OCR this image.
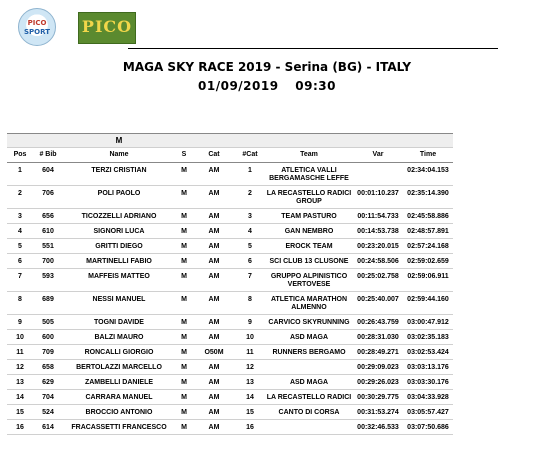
PICO
SPORT	PICO
MAGA SKY RACE 2019 - Serina (BG) - ITALY
01/09/2019 09:30
		M						
Pos	# Bib	Name	S	Cat	#Cat	Team	Var	Time
1	604	TERZI CRISTIAN	M	AM	1	ATLETICA VALLI BERGAMASCHE LEFFE		02:34:04.153
2	706	POLI PAOLO	M	AM	2	LA RECASTELLO RADICI GROUP	00:01:10.237	02:35:14.390
3	656	TICOZZELLI ADRIANO	M	AM	3	TEAM PASTURO	00:11:54.733	02:45:58.886
4	610	SIGNORI LUCA	M	AM	4	GAN NEMBRO	00:14:53.738	02:48:57.891
5	551	GRITTI DIEGO	M	AM	5	EROCK TEAM	00:23:20.015	02:57:24.168
6	700	MARTINELLI FABIO	M	AM	6	SCI CLUB 13 CLUSONE	00:24:58.506	02:59:02.659
7	593	MAFFEIS MATTEO	M	AM	7	GRUPPO ALPINISTICO VERTOVESE	00:25:02.758	02:59:06.911
8	689	NESSI MANUEL	M	AM	8	ATLETICA MARATHON ALMENNO	00:25:40.007	02:59:44.160
9	505	TOGNI DAVIDE	M	AM	9	CARVICO SKYRUNNING	00:26:43.759	03:00:47.912
10	600	BALZI MAURO	M	AM	10	ASD MAGA	00:28:31.030	03:02:35.183
11	709	RONCALLI GIORGIO	M	O50M	11	RUNNERS BERGAMO	00:28:49.271	03:02:53.424
12	658	BERTOLAZZI MARCELLO	M	AM	12		00:29:09.023	03:03:13.176
13	629	ZAMBELLI DANIELE	M	AM	13	ASD MAGA	00:29:26.023	03:03:30.176
14	704	CARRARA MANUEL	M	AM	14	LA RECASTELLO RADICI	00:30:29.775	03:04:33.928
15	524	BROCCIO ANTONIO	M	AM	15	CANTO DI CORSA	00:31:53.274	03:05:57.427
16	614	FRACASSETTI FRANCESCO	M	AM	16		00:32:46.533	03:07:50.686
